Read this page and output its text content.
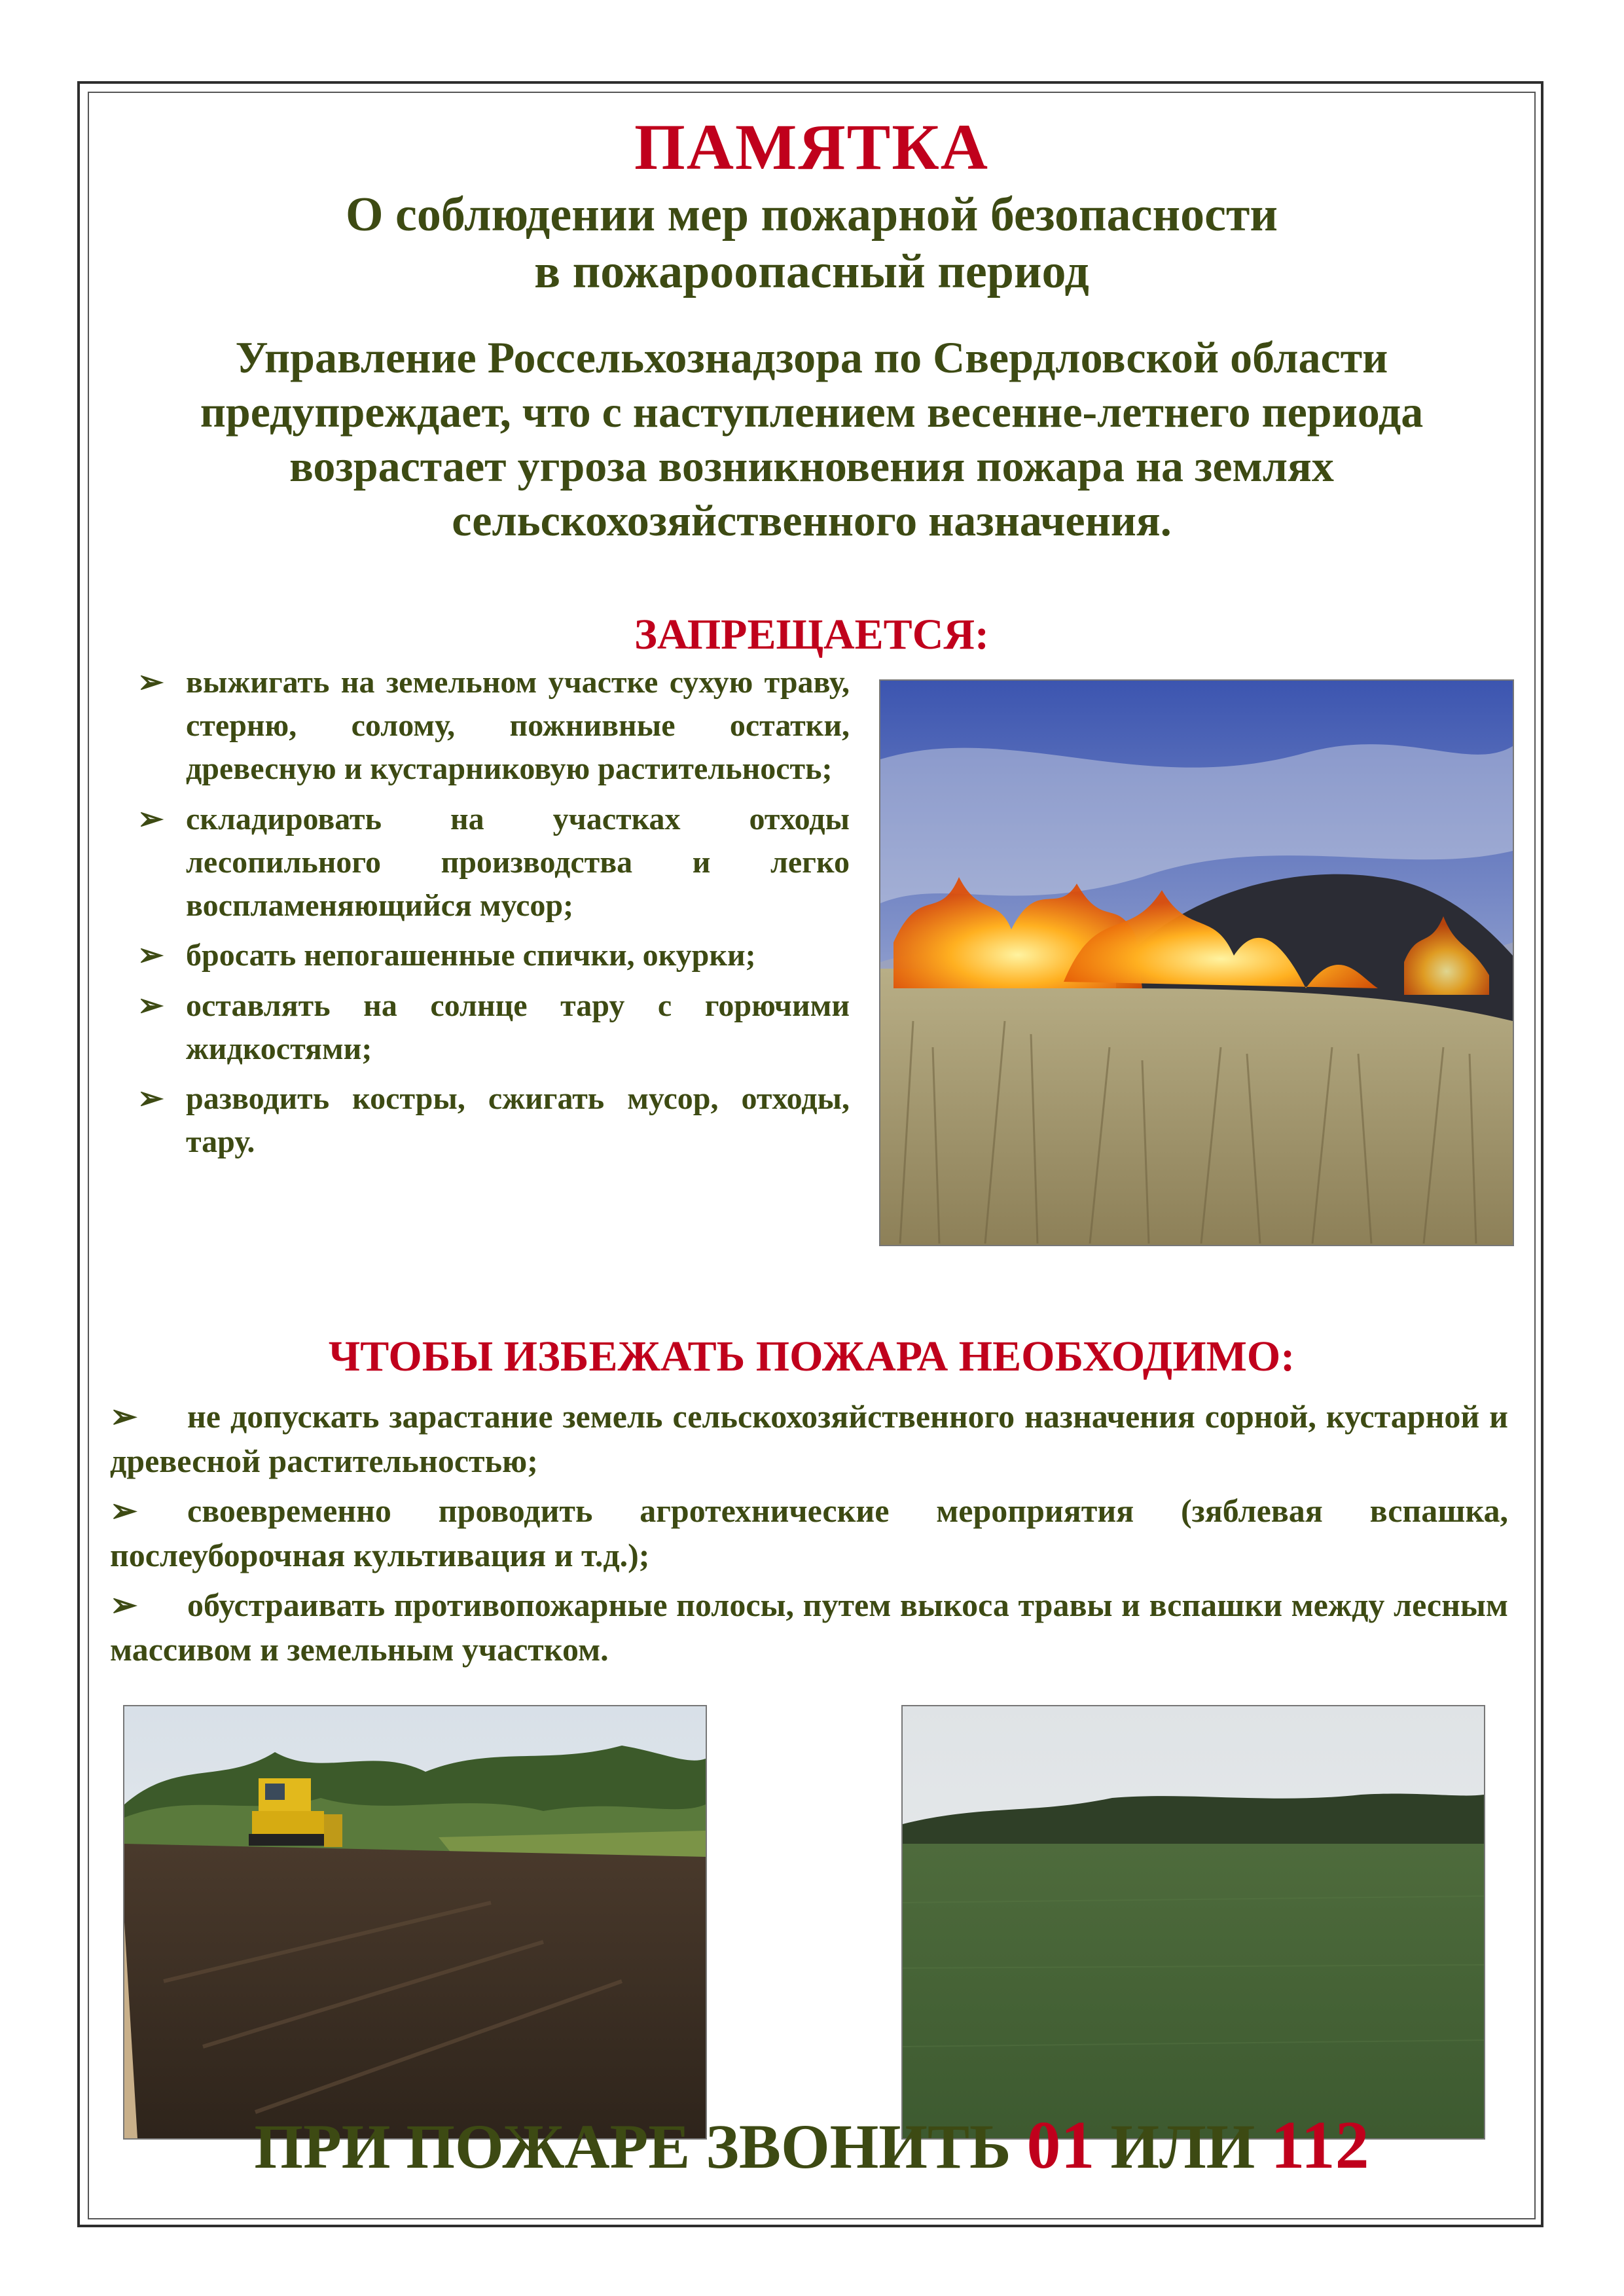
ПАМЯТКА
О соблюдении мер пожарной безопасности
в пожароопасный период
Управление Россельхознадзора по Свердловской области
предупреждает, что с наступлением весенне-летнего периода
возрастает угроза возникновения пожара на землях
сельскохозяйственного назначения.
ЗАПРЕЩАЕТСЯ:
➢ выжигать на земельном участке сухую траву, стерню, солому, пожнивные остатки, древесную и кустарниковую растительность;
➢ складировать на участках отходы лесопильного производства и легко воспламеняющийся мусор;
➢ бросать непогашенные спички, окурки;
➢ оставлять на солнце тару с горючими жидкостями;
➢ разводить костры, сжигать мусор, отходы, тару.
ЧТОБЫ ИЗБЕЖАТЬ ПОЖАРА НЕОБХОДИМО:
➢ не допускать зарастание земель сельскохозяйственного назначения сорной, кустарной и древесной растительностью;
➢ своевременно проводить агротехнические мероприятия (зяблевая вспашка, послеуборочная культивация и т.д.);
➢ обустраивать противопожарные полосы, путем выкоса травы и вспашки между лесным массивом и земельным участком.
ПРИ ПОЖАРЕ ЗВОНИТЬ 01 ИЛИ 112
